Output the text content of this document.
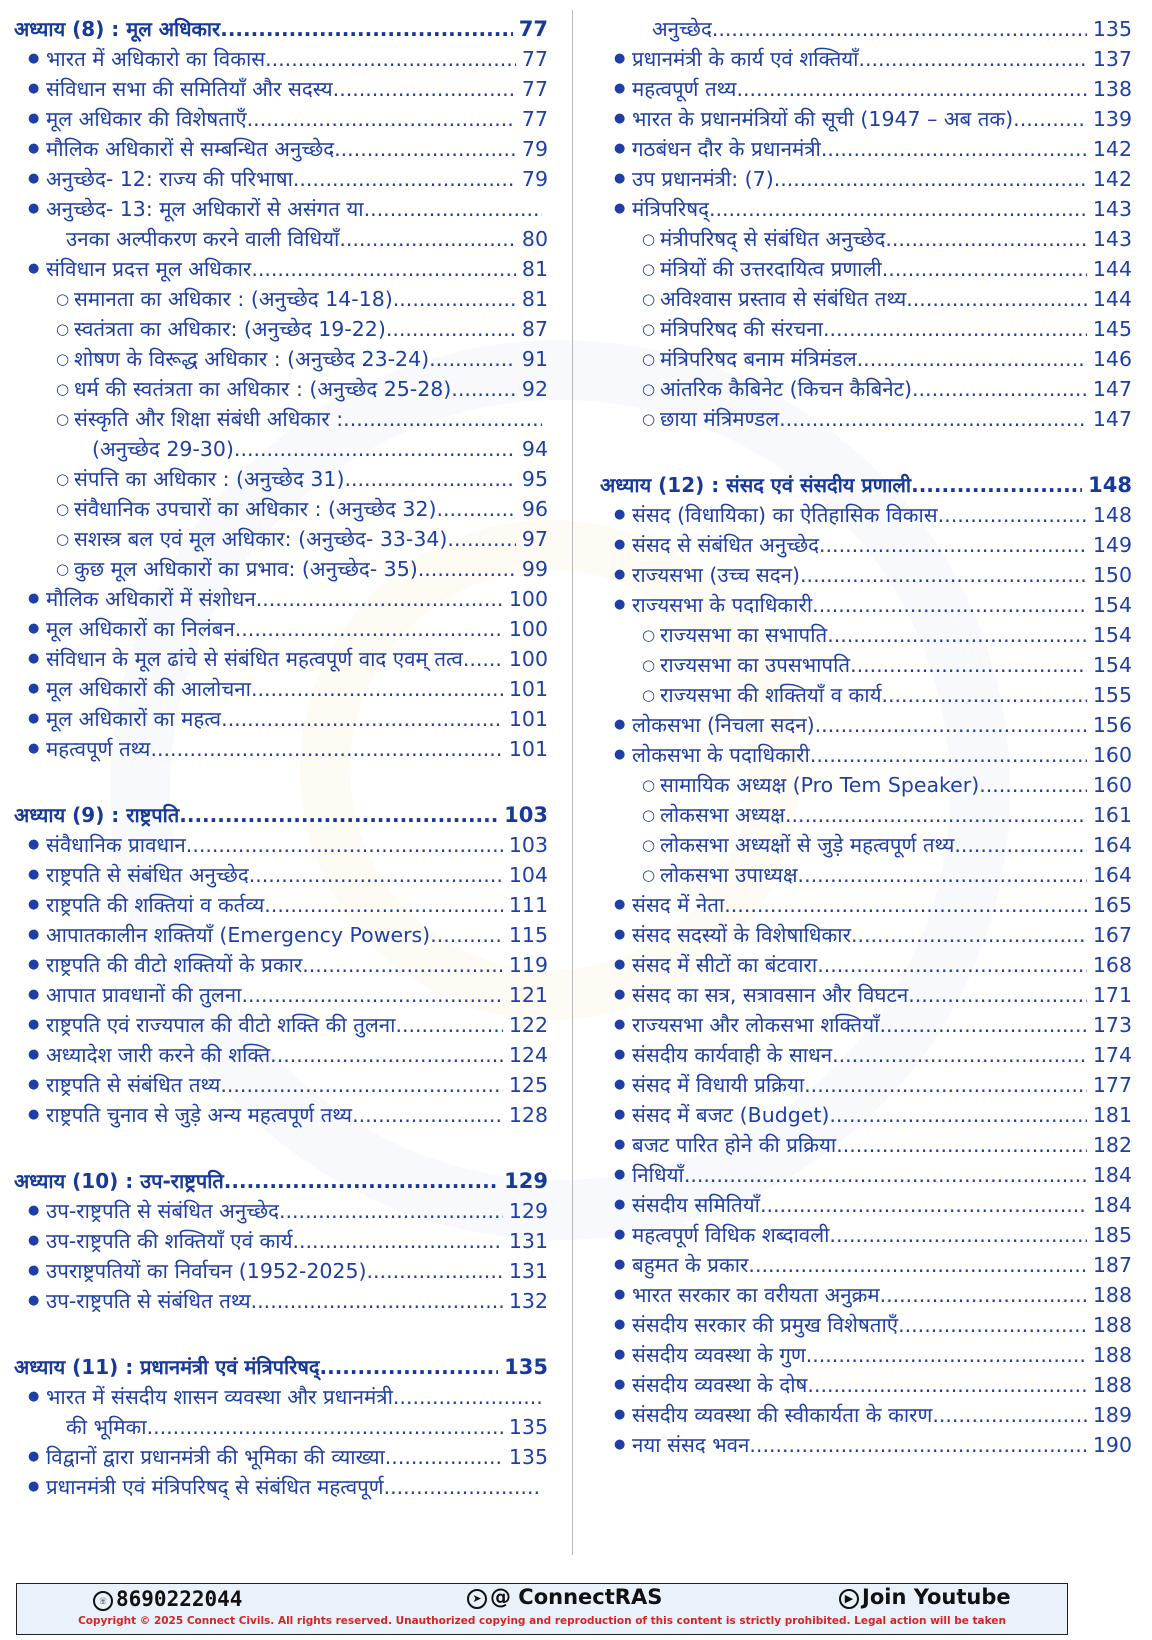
अध्याय (8) : मूल अधिकार .....	77
● भारत में अधिकारो का विकास .....	77
● संविधान सभा की समितियाँ और सदस्य .....	77
● मूल अधिकार की विशेषताएँ .....	77
● मौलिक अधिकारों से सम्बन्धित अनुच्छेद .....	79
● अनुच्छेद- 12: राज्य की परिभाषा .....	79
● अनुच्छेद- 13: मूल अधिकारों से असंगत या .....
उनका अल्पीकरण करने वाली विधियाँ .....	80
● संविधान प्रदत्त मूल अधिकार .....	81
○ समानता का अधिकार : (अनुच्छेद 14-18) .....	81
○ स्वतंत्रता का अधिकार: (अनुच्छेद 19-22) .....	87
○ शोषण के विरूद्ध अधिकार : (अनुच्छेद 23-24) .....	91
○ धर्म की स्वतंत्रता का अधिकार : (अनुच्छेद 25-28) .....	92
○ संस्कृति और शिक्षा संबंधी अधिकार : .....
(अनुच्छेद 29-30) .....	94
○ संपत्ति का अधिकार : (अनुच्छेद 31) .....	95
○ संवैधानिक उपचारों का अधिकार : (अनुच्छेद 32) .....	96
○ सशस्त्र बल एवं मूल अधिकार: (अनुच्छेद- 33-34) .....	97
○ कुछ मूल अधिकारों का प्रभाव: (अनुच्छेद- 35) .....	99
● मौलिक अधिकारों में संशोधन .....	100
● मूल अधिकारों का निलंबन .....	100
● संविधान के मूल ढांचे से संबंधित महत्वपूर्ण वाद एवम् तत्व .....	100
● मूल अधिकारों की आलोचना .....	101
● मूल अधिकारों का महत्व .....	101
● महत्वपूर्ण तथ्य .....	101
अध्याय (9) : राष्ट्रपति .....	103
● संवैधानिक प्रावधान .....	103
● राष्ट्रपति से संबंधित अनुच्छेद .....	104
● राष्ट्रपति की शक्तियां व कर्तव्य .....	111
● आपातकालीन शक्तियाँ (Emergency Powers) .....	115
● राष्ट्रपति की वीटो शक्तियों के प्रकार .....	119
● आपात प्रावधानों की तुलना .....	121
● राष्ट्रपति एवं राज्यपाल की वीटो शक्ति की तुलना .....	122
● अध्यादेश जारी करने की शक्ति .....	124
● राष्ट्रपति से संबंधित तथ्य .....	125
● राष्ट्रपति चुनाव से जुड़े अन्य महत्वपूर्ण तथ्य .....	128
अध्याय (10) : उप-राष्ट्रपति .....	129
● उप-राष्ट्रपति से संबंधित अनुच्छेद .....	129
● उप-राष्ट्रपति की शक्तियाँ एवं कार्य .....	131
● उपराष्ट्रपतियों का निर्वाचन (1952-2025) .....	131
● उप-राष्ट्रपति से संबंधित तथ्य .....	132
अध्याय (11) : प्रधानमंत्री एवं मंत्रिपरिषद् .....	135
● भारत में संसदीय शासन व्यवस्था और प्रधानमंत्री .....
की भूमिका .....	135
● विद्वानों द्वारा प्रधानमंत्री की भूमिका की व्याख्या .....	135
● प्रधानमंत्री एवं मंत्रिपरिषद् से संबंधित महत्वपूर्ण .....
अनुच्छेद .....	135
● प्रधानमंत्री के कार्य एवं शक्तियाँ .....	137
● महत्वपूर्ण तथ्य .....	138
● भारत के प्रधानमंत्रियों की सूची (1947 – अब तक) .....	139
● गठबंधन दौर के प्रधानमंत्री .....	142
● उप प्रधानमंत्री: (7) .....	142
● मंत्रिपरिषद् .....	143
○ मंत्रीपरिषद् से संबंधित अनुच्छेद .....	143
○ मंत्रियों की उत्तरदायित्व प्रणाली .....	144
○ अविश्वास प्रस्ताव से संबंधित तथ्य .....	144
○ मंत्रिपरिषद की संरचना .....	145
○ मंत्रिपरिषद बनाम मंत्रिमंडल .....	146
○ आंतरिक कैबिनेट (किचन कैबिनेट) .....	147
○ छाया मंत्रिमण्डल .....	147
अध्याय (12) : संसद एवं संसदीय प्रणाली .....	148
● संसद (विधायिका) का ऐतिहासिक विकास .....	148
● संसद से संबंधित अनुच्छेद .....	149
● राज्यसभा (उच्च सदन) .....	150
● राज्यसभा के पदाधिकारी .....	154
○ राज्यसभा का सभापति .....	154
○ राज्यसभा का उपसभापति .....	154
○ राज्यसभा की शक्तियाँ व कार्य .....	155
● लोकसभा (निचला सदन) .....	156
● लोकसभा के पदाधिकारी .....	160
○ सामायिक अध्यक्ष (Pro Tem Speaker) .....	160
○ लोकसभा अध्यक्ष .....	161
○ लोकसभा अध्यक्षों से जुड़े महत्वपूर्ण तथ्य .....	164
○ लोकसभा उपाध्यक्ष .....	164
● संसद में नेता .....	165
● संसद सदस्यों के विशेषाधिकार .....	167
● संसद में सीटों का बंटवारा .....	168
● संसद का सत्र, सत्रावसान और विघटन .....	171
● राज्यसभा और लोकसभा शक्तियाँ .....	173
● संसदीय कार्यवाही के साधन .....	174
● संसद में विधायी प्रक्रिया .....	177
● संसद में बजट (Budget) .....	181
● बजट पारित होने की प्रक्रिया .....	182
● निधियाँ .....	184
● संसदीय समितियाँ .....	184
● महत्वपूर्ण विधिक शब्दावली .....	185
● बहुमत के प्रकार .....	187
● भारत सरकार का वरीयता अनुक्रम .....	188
● संसदीय सरकार की प्रमुख विशेषताएँ .....	188
● संसदीय व्यवस्था के गुण .....	188
● संसदीय व्यवस्था के दोष .....	188
● संसदीय व्यवस्था की स्वीकार्यता के कारण .....	189
● नया संसद भवन .....	190
☏ 8690222044	➤ @ ConnectRAS	▶ Join Youtube
Copyright © 2025 Connect Civils. All rights reserved. Unauthorized copying and reproduction of this content is strictly prohibited. Legal action will be taken
